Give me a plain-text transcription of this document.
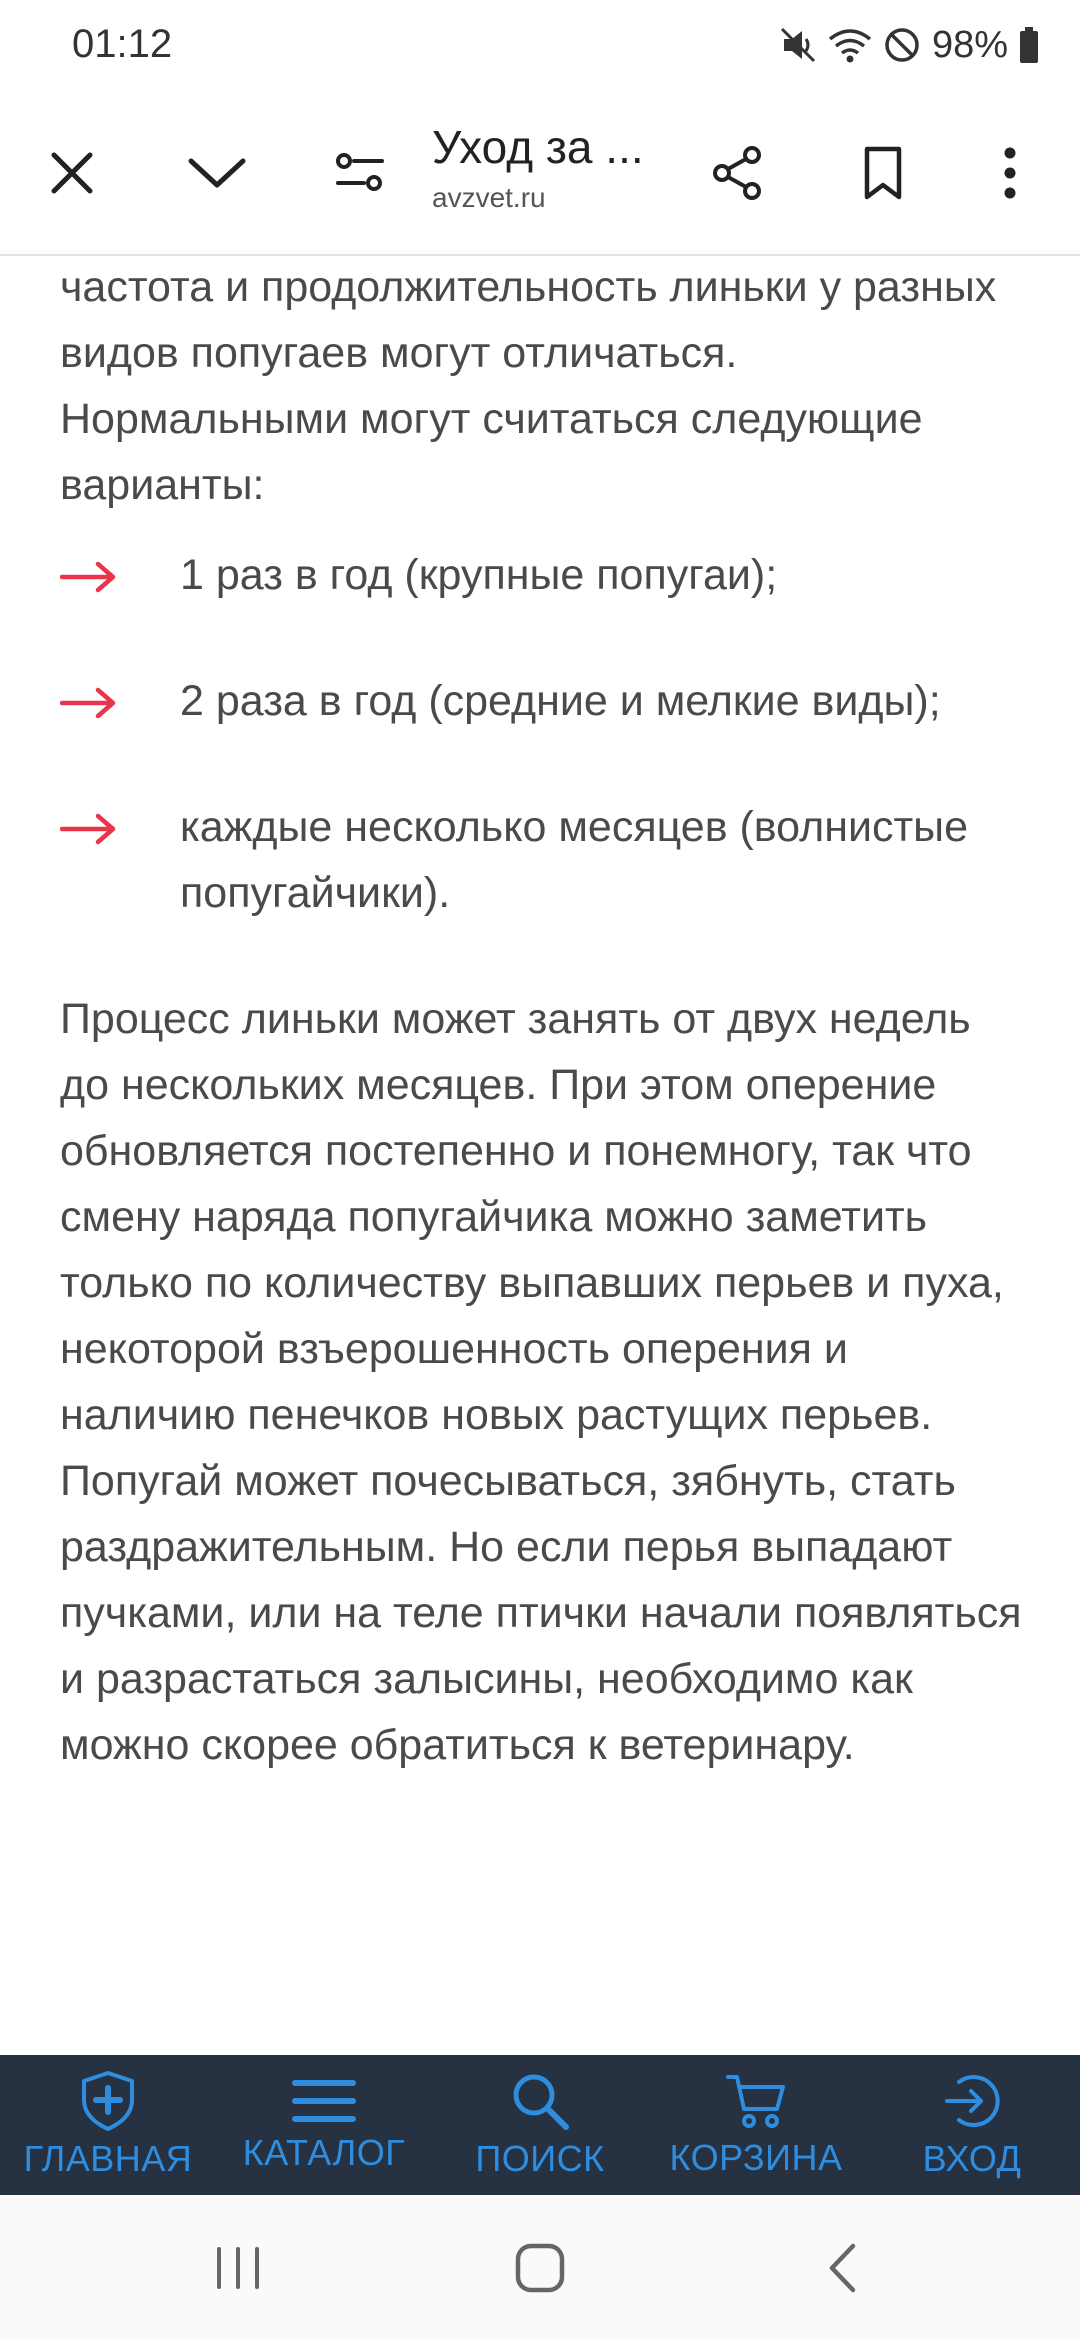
01:12	98%
Уход за ...
avzvet.ru

частота и продолжительность линьки у разных видов попугаев могут отличаться. Нормальными могут считаться следующие варианты:

1 раз в год (крупные попугаи);
2 раза в год (средние и мелкие виды);
каждые несколько месяцев (волнистые попугайчики).

Процесс линьки может занять от двух недель до нескольких месяцев. При этом оперение обновляется постепенно и понемногу, так что смену наряда попугайчика можно заметить только по количеству выпавших перьев и пуха, некоторой взъерошенность оперения и наличию пенечков новых растущих перьев. Попугай может почесываться, зябнуть, стать раздражительным. Но если перья выпадают пучками, или на теле птички начали появляться и разрастаться залысины, необходимо как можно скорее обратиться к ветеринару.

ГЛАВНАЯ КАТАЛОГ ПОИСК КОРЗИНА ВХОД
